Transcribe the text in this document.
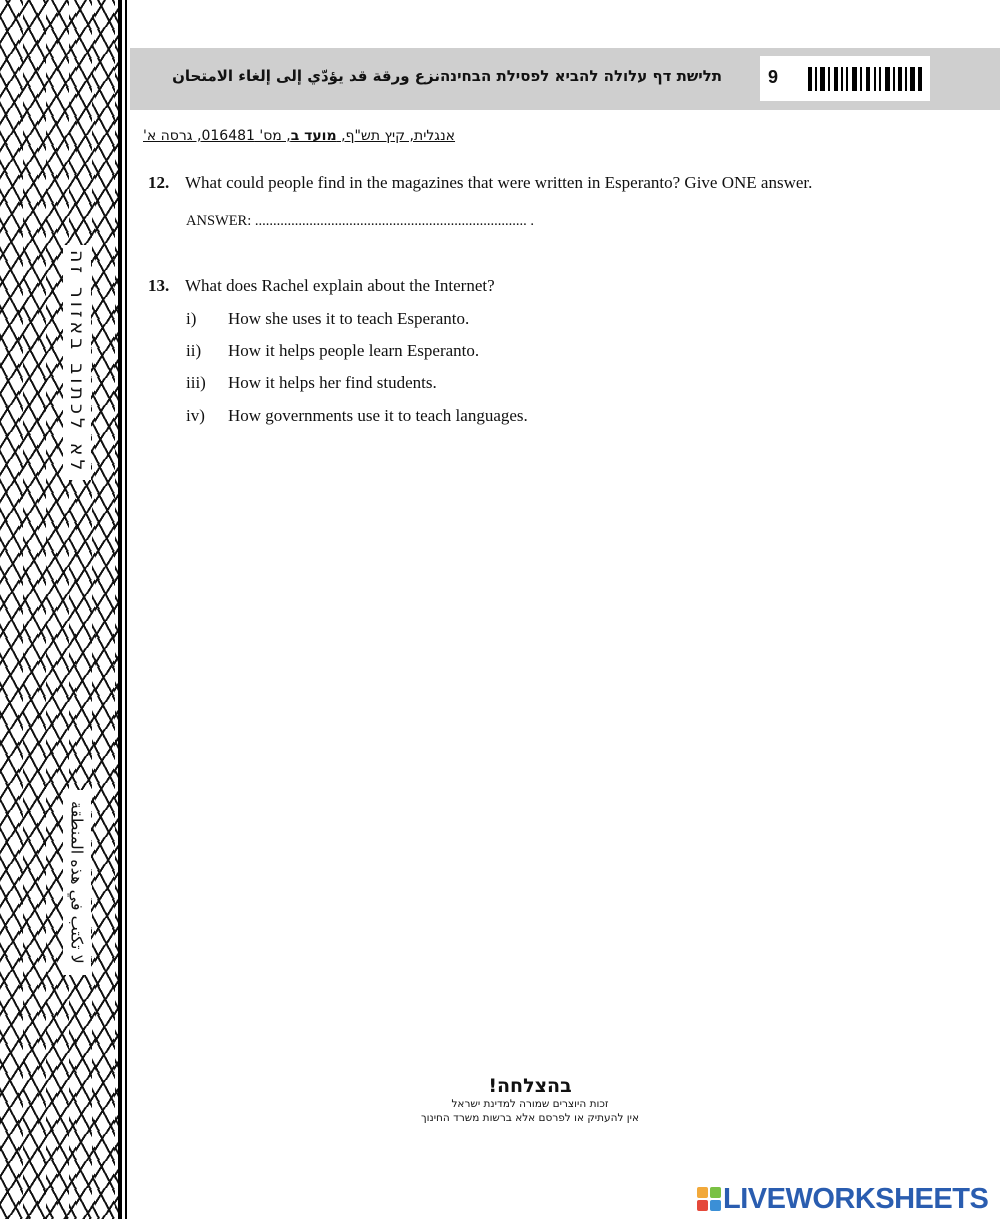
לא לכתוב באזור זה
لا تكتب في هذه المنطقة
תלישת דף עלולה להביא לפסילת הבחינהنزع ورقة قد يؤدّي إلى إلغاء الامتحان	9
אנגלית, קיץ תש"ף, מועד ב, מס' 016481, גרסה א'
12. What could people find in the magazines that were written in Esperanto? Give ONE answer.
ANSWER: ........................................................................... .
13. What does Rachel explain about the Internet?
i) How she uses it to teach Esperanto.
ii) How it helps people learn Esperanto.
iii) How it helps her find students.
iv) How governments use it to teach languages.
בהצלחה!
זכות היוצרים שמורה למדינת ישראל
אין להעתיק או לפרסם אלא ברשות משרד החינוך
LIVEWORKSHEETS
